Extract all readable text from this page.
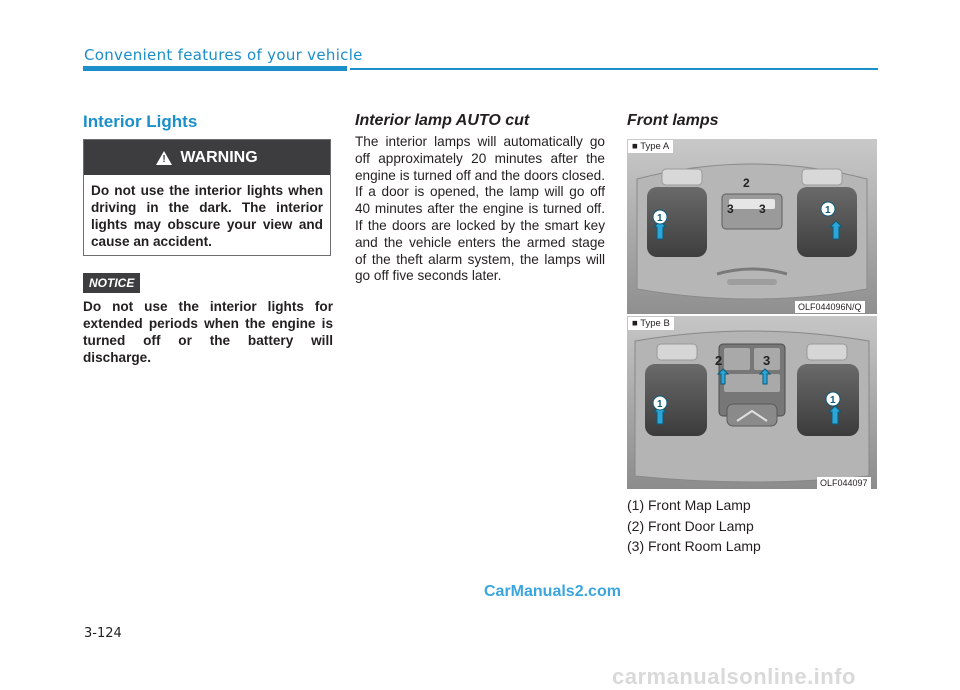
Convenient features of your vehicle
Interior Lights
! WARNING
Do not use the interior lights when driving in the dark. The interior lights may obscure your view and cause an accident.
NOTICE
Do not use the interior lights for extended periods when the engine is turned off or the battery will discharge.
Interior lamp AUTO cut
The interior lamps will automatically go off approximately 20 minutes after the engine is turned off and the doors closed. If a door is opened, the lamp will go off 40 minutes after the engine is turned off. If the doors are locked by the smart key and the vehicle enters the armed stage of the theft alarm system, the lamps will go off five seconds later.
Front lamps
2
3 3
1
1
■ Type A
OLF044096N/Q
2	3
1	1
■ Type B
OLF044097
(1) Front Map Lamp
(2) Front Door Lamp
(3) Front Room Lamp
3-124
CarManuals2.com
carmanualsonline.info
